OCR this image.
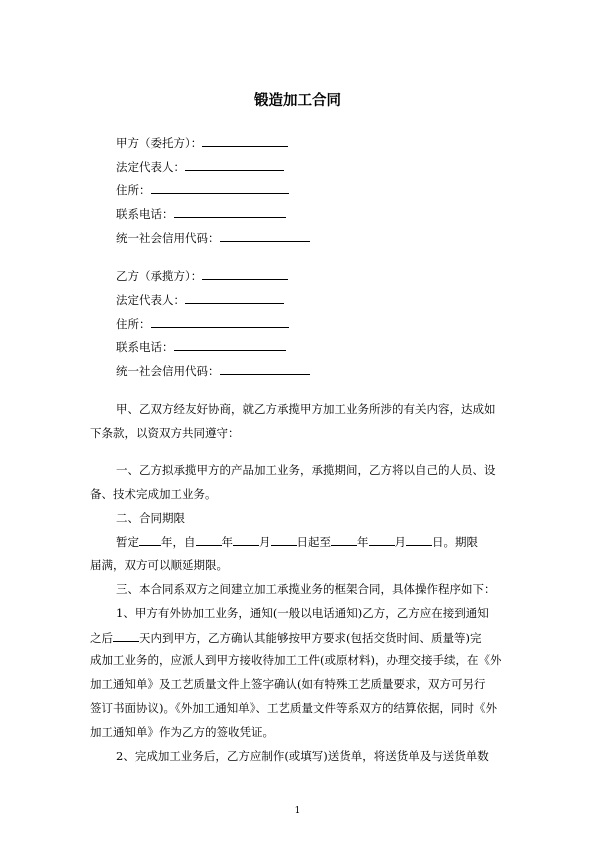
锻造加工合同
甲方（委托方）：
法定代表人：
住所：
联系电话：
统一社会信用代码：
乙方（承揽方）：
法定代表人：
住所：
联系电话：
统一社会信用代码：
甲、乙双方经友好协商，就乙方承揽甲方加工业务所涉的有关内容，达成如
下条款，以资双方共同遵守：
一、乙方拟承揽甲方的产品加工业务，承揽期间，乙方将以自己的人员、设
备、技术完成加工业务。
二、合同期限
暂定 年，自 年 月 日起至 年 月 日。期限
届满，双方可以顺延期限。
三、本合同系双方之间建立加工承揽业务的框架合同，具体操作程序如下：
1、甲方有外协加工业务，通知(一般以电话通知)乙方，乙方应在接到通知
之后 天内到甲方，乙方确认其能够按甲方要求(包括交货时间、质量等)完
成加工业务的，应派人到甲方接收待加工工件(或原材料)，办理交接手续，在《外
加工通知单》及工艺质量文件上签字确认(如有特殊工艺质量要求，双方可另行
签订书面协议)。《外加工通知单》、工艺质量文件等系双方的结算依据，同时《外
加工通知单》作为乙方的签收凭证。
2、完成加工业务后，乙方应制作(或填写)送货单，将送货单及与送货单数
1
